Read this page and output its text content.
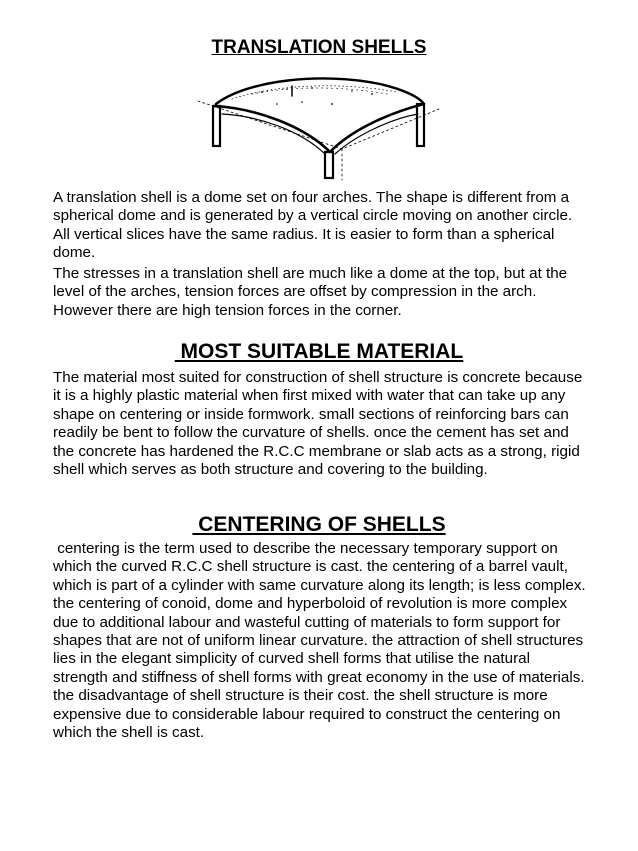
TRANSLATION SHELLS
A translation shell is a dome set on four arches. The shape is different from a spherical dome and is generated by a vertical circle moving on another circle. All vertical slices have the same radius. It is easier to form than a spherical dome.
The stresses in a translation shell are much like a dome at the top, but at the level of the arches, tension forces are offset by compression in the arch. However there are high tension forces in the corner.
MOST SUITABLE MATERIAL
The material most suited for construction of shell structure is concrete because it is a highly plastic material when first mixed with water that can take up any shape on centering or inside formwork. small sections of reinforcing bars can readily be bent to follow the curvature of shells. once the cement has set and the concrete has hardened the R.C.C membrane or slab acts as a strong, rigid shell which serves as both structure and covering to the building.
CENTERING OF SHELLS
centering is the term used to describe the necessary temporary support on which the curved R.C.C shell structure is cast. the centering of a barrel vault, which is part of a cylinder with same curvature along its length; is less complex. the centering of conoid, dome and hyperboloid of revolution is more complex due to additional labour and wasteful cutting of materials to form support for shapes that are not of uniform linear curvature. the attraction of shell structures lies in the elegant simplicity of curved shell forms that utilise the natural strength and stiffness of shell forms with great economy in the use of materials. the disadvantage of shell structure is their cost. the shell structure is more expensive due to considerable labour required to construct the centering on which the shell is cast.
